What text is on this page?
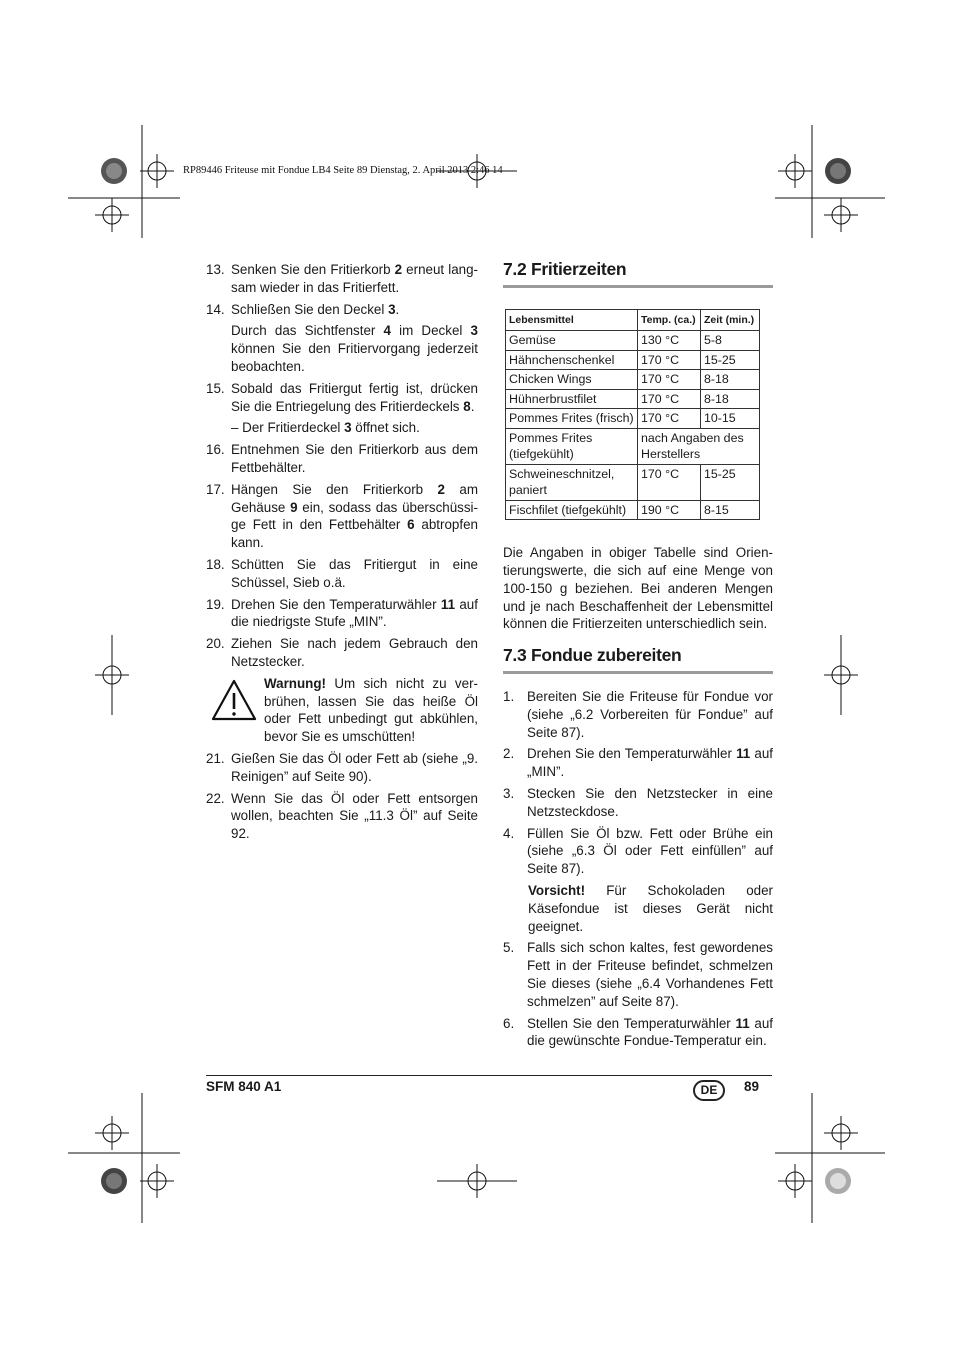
RP89446 Friteuse mit Fondue LB4 Seite 89 Dienstag, 2. April 2013 2:46 14
13. Senken Sie den Fritierkorb 2 erneut lang-sam wieder in das Fritierfett.
14. Schließen Sie den Deckel 3.
Durch das Sichtfenster 4 im Deckel 3 können Sie den Fritiervorgang jederzeit beobachten.
15. Sobald das Fritiergut fertig ist, drücken Sie die Entriegelung des Fritierdeckels 8.
– Der Fritierdeckel 3 öffnet sich.
16. Entnehmen Sie den Fritierkorb aus dem Fettbehälter.
17. Hängen Sie den Fritierkorb 2 am Gehäuse 9 ein, sodass das überschüssi-ge Fett in den Fettbehälter 6 abtropfen kann.
18. Schütten Sie das Fritiergut in eine Schüssel, Sieb o.ä.
19. Drehen Sie den Temperaturwähler 11 auf die niedrigste Stufe „MIN”.
20. Ziehen Sie nach jedem Gebrauch den Netzstecker.
Warnung! Um sich nicht zu ver-brühen, lassen Sie das heiße Öl oder Fett unbedingt gut abkühlen, bevor Sie es umschütten!
21. Gießen Sie das Öl oder Fett ab (siehe „9. Reinigen” auf Seite 90).
22. Wenn Sie das Öl oder Fett entsorgen wollen, beachten Sie „11.3 Öl” auf Seite 92.
7.2 Fritierzeiten
Lebensmittel	Temp. (ca.)	Zeit (min.)
Gemüse	130 °C	5-8
Hähnchenschenkel	170 °C	15-25
Chicken Wings	170 °C	8-18
Hühnerbrustfilet	170 °C	8-18
Pommes Frites (frisch)	170 °C	10-15
Pommes Frites (tiefgekühlt)	nach Angaben des Herstellers	
Schweineschnitzel, paniert	170 °C	15-25
Fischfilet (tiefgekühlt)	190 °C	8-15
Die Angaben in obiger Tabelle sind Orien-tierungswerte, die sich auf eine Menge von 100-150 g beziehen. Bei anderen Mengen und je nach Beschaffenheit der Lebensmittel können die Fritierzeiten unterschiedlich sein.
7.3 Fondue zubereiten
1. Bereiten Sie die Friteuse für Fondue vor (siehe „6.2 Vorbereiten für Fondue” auf Seite 87).
2. Drehen Sie den Temperaturwähler 11 auf „MIN”.
3. Stecken Sie den Netzstecker in eine Netzsteckdose.
4. Füllen Sie Öl bzw. Fett oder Brühe ein (siehe „6.3 Öl oder Fett einfüllen” auf Seite 87).
Vorsicht! Für Schokoladen oder Käsefondue ist dieses Gerät nicht geeignet.
5. Falls sich schon kaltes, fest gewordenes Fett in der Friteuse befindet, schmelzen Sie dieses (siehe „6.4 Vorhandenes Fett schmelzen” auf Seite 87).
6. Stellen Sie den Temperaturwähler 11 auf die gewünschte Fondue-Temperatur ein.
SFM 840 A1	DE	89
